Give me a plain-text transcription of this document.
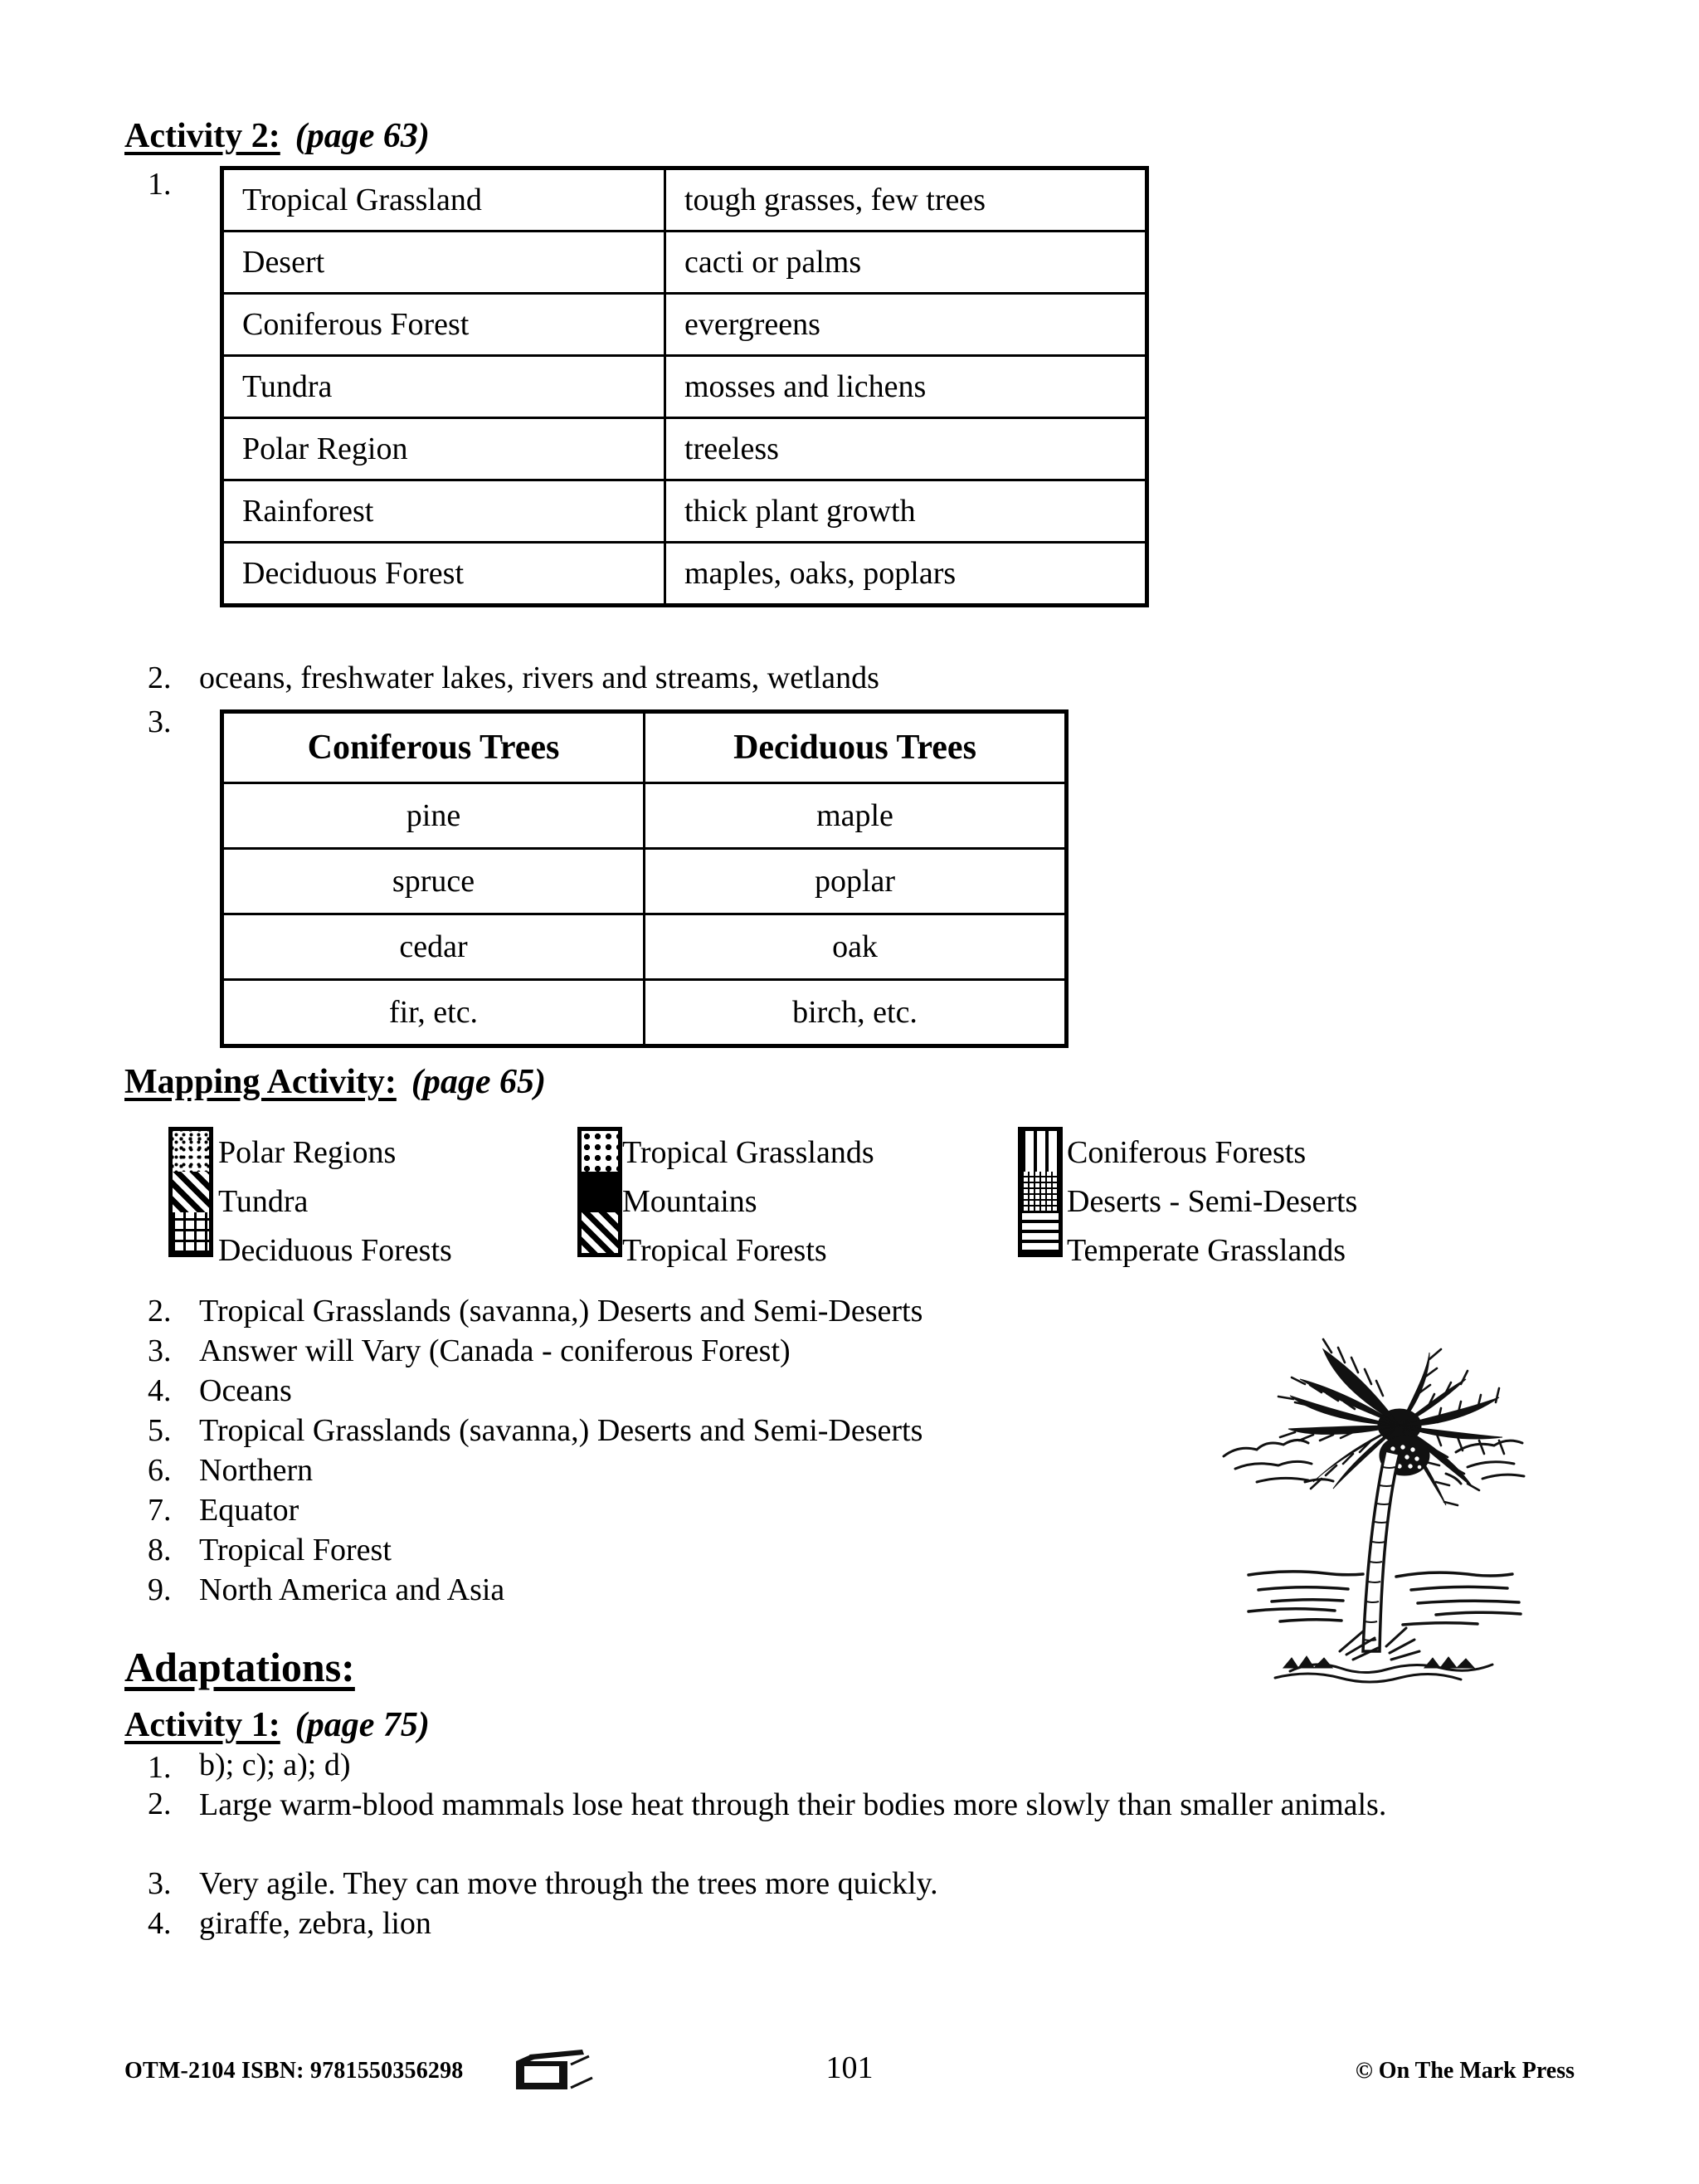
Activity 2: (page 63)
1. Tropical Grassland	tough grasses, few trees
Desert	cacti or palms
Coniferous Forest	evergreens
Tundra	mosses and lichens
Polar Region	treeless
Rainforest	thick plant growth
Deciduous Forest	maples, oaks, poplars
2. oceans, freshwater lakes, rivers and streams, wetlands
3.
Coniferous Trees	Deciduous Trees
pine	maple
spruce	poplar
cedar	oak
fir, etc.	birch, etc.
Mapping Activity: (page 65)
Polar Regions
Tundra
Deciduous Forests
Tropical Grasslands
Mountains
Tropical Forests
Coniferous Forests
Deserts - Semi-Deserts
Temperate Grasslands
2. Tropical Grasslands (savanna,) Deserts and Semi-Deserts
3. Answer will Vary (Canada - coniferous Forest)
4. Oceans
5. Tropical Grasslands (savanna,) Deserts and Semi-Deserts
6. Northern
7. Equator
8. Tropical Forest
9. North America and Asia
Adaptations:
Activity 1: (page 75)
1. b); c); a); d)
2. Large warm-blood mammals lose heat through their bodies more slowly than smaller animals.
3. Very agile. They can move through the trees more quickly.
4. giraffe, zebra, lion
OTM-2104 ISBN: 9781550356298	101	© On The Mark Press
